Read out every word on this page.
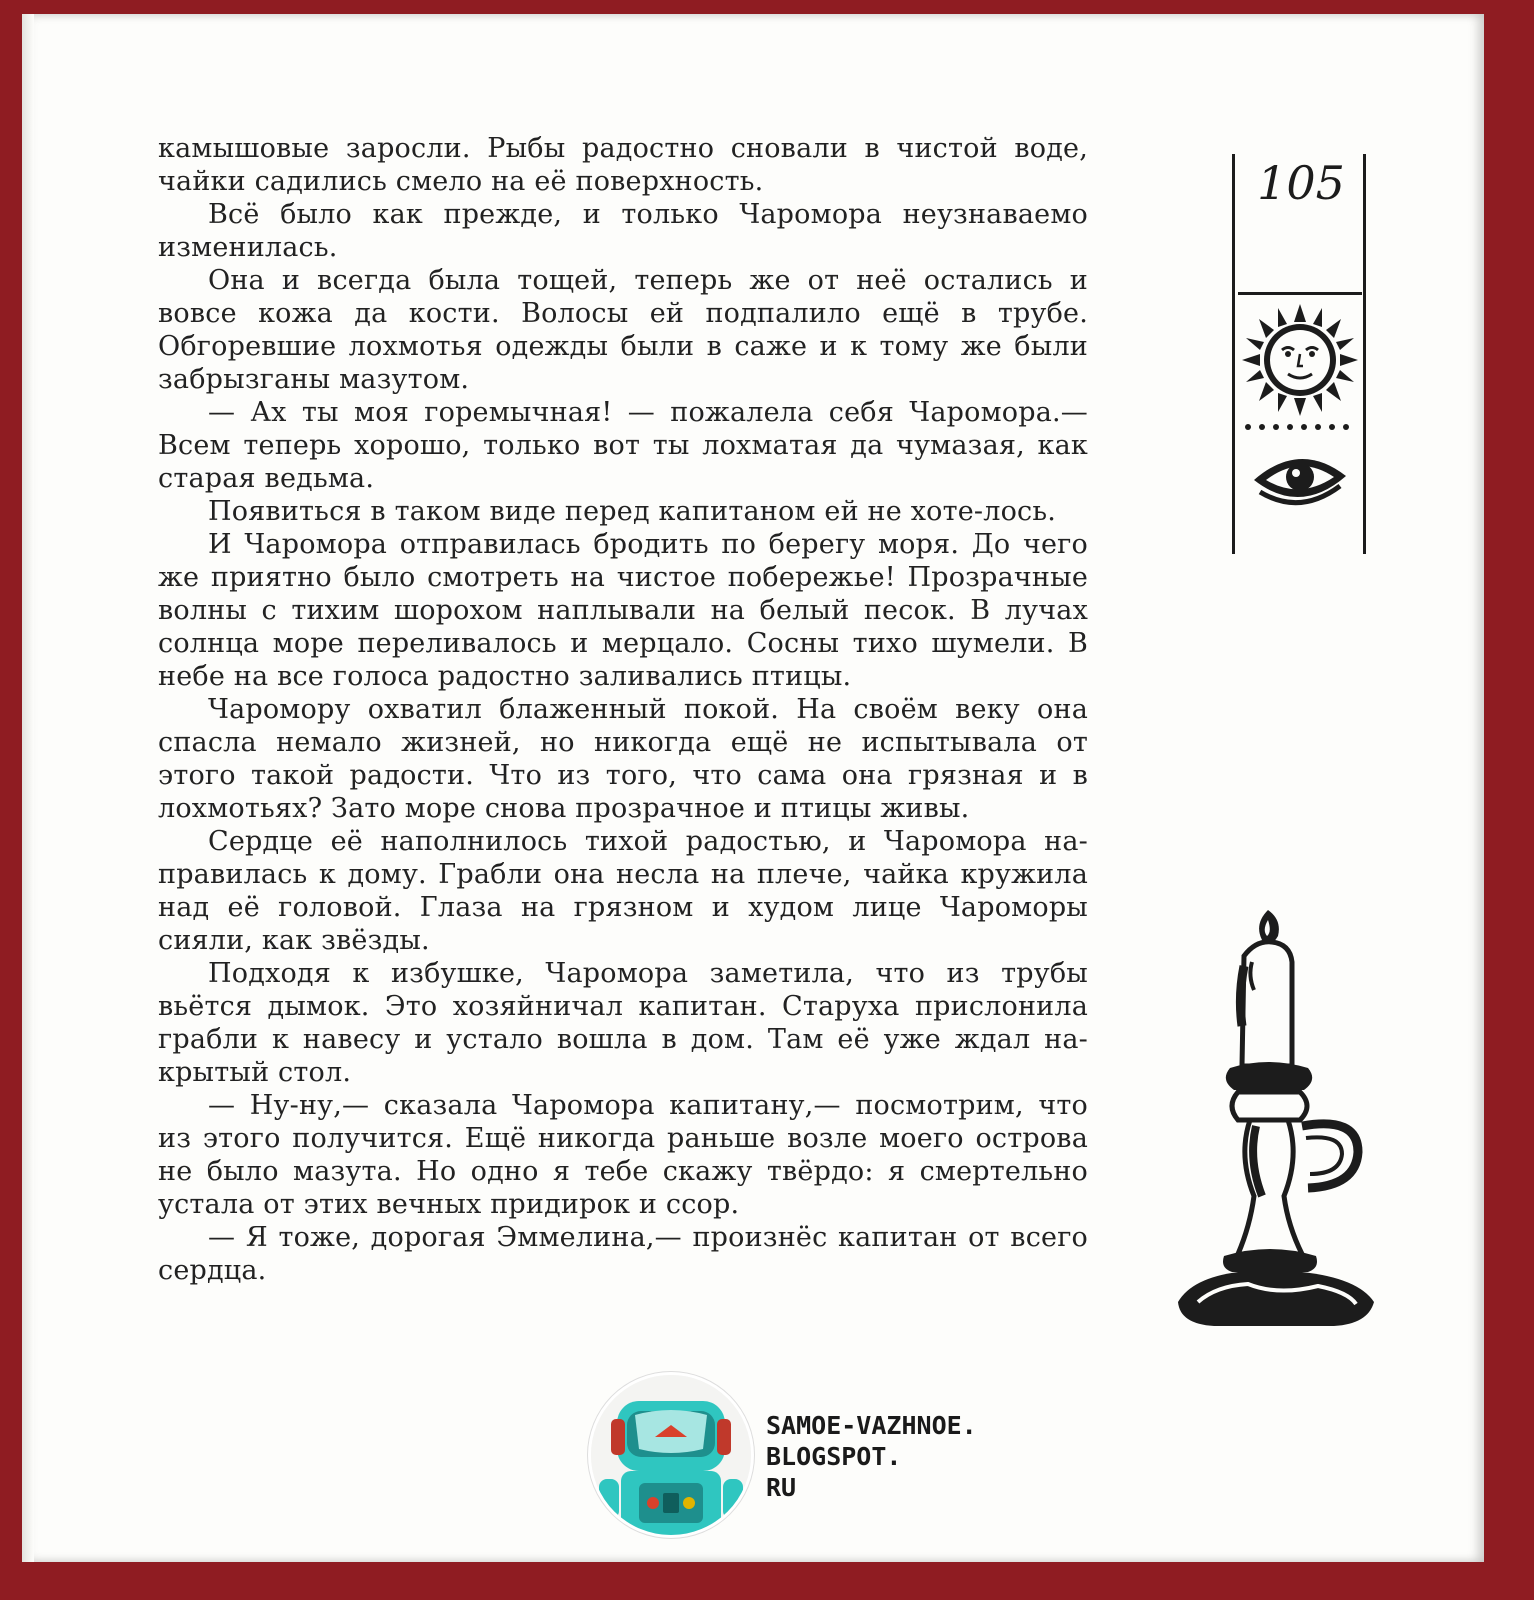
камышовые заросли. Рыбы радостно сновали в чистой воде, чайки садились смело на её поверхность.

Всё было как прежде, и только Чаромора неузнаваемо изменилась.

Она и всегда была тощей, теперь же от неё остались и вовсе кожа да кости. Волосы ей подпалило ещё в трубе. Обгоревшие лохмотья одежды были в саже и к тому же были забрызганы мазутом.

— Ах ты моя горемычная! — пожалела себя Чаромора.— Всем теперь хорошо, только вот ты лохматая да чумазая, как старая ведьма.

Появиться в таком виде перед капитаном ей не хоте-лось.

И Чаромора отправилась бродить по берегу моря. До чего же приятно было смотреть на чистое побережье! Прозрачные волны с тихим шорохом наплывали на белый песок. В лучах солнца море переливалось и мерцало. Сосны тихо шумели. В небе на все голоса радостно заливались птицы.

Чаромору охватил блаженный покой. На своём веку она спасла немало жизней, но никогда ещё не испытывала от этого такой радости. Что из того, что сама она грязная и в лохмотьях? Зато море снова прозрачное и птицы живы.

Сердце её наполнилось тихой радостью, и Чаромора на-правилась к дому. Грабли она несла на плече, чайка кружила над её головой. Глаза на грязном и худом лице Чароморы сияли, как звёзды.

Подходя к избушке, Чаромора заметила, что из трубы вьётся дымок. Это хозяйничал капитан. Старуха прислонила грабли к навесу и устало вошла в дом. Там её уже ждал на-крытый стол.

— Ну-ну,— сказала Чаромора капитану,— посмотрим, что из этого получится. Ещё никогда раньше возле моего острова не было мазута. Но одно я тебе скажу твёрдо: я смертельно устала от этих вечных придирок и ссор.

— Я тоже, дорогая Эммелина,— произнёс капитан от всего сердца.

105
SAMOE-VAZHNOE.
BLOGSPOT.
RU
